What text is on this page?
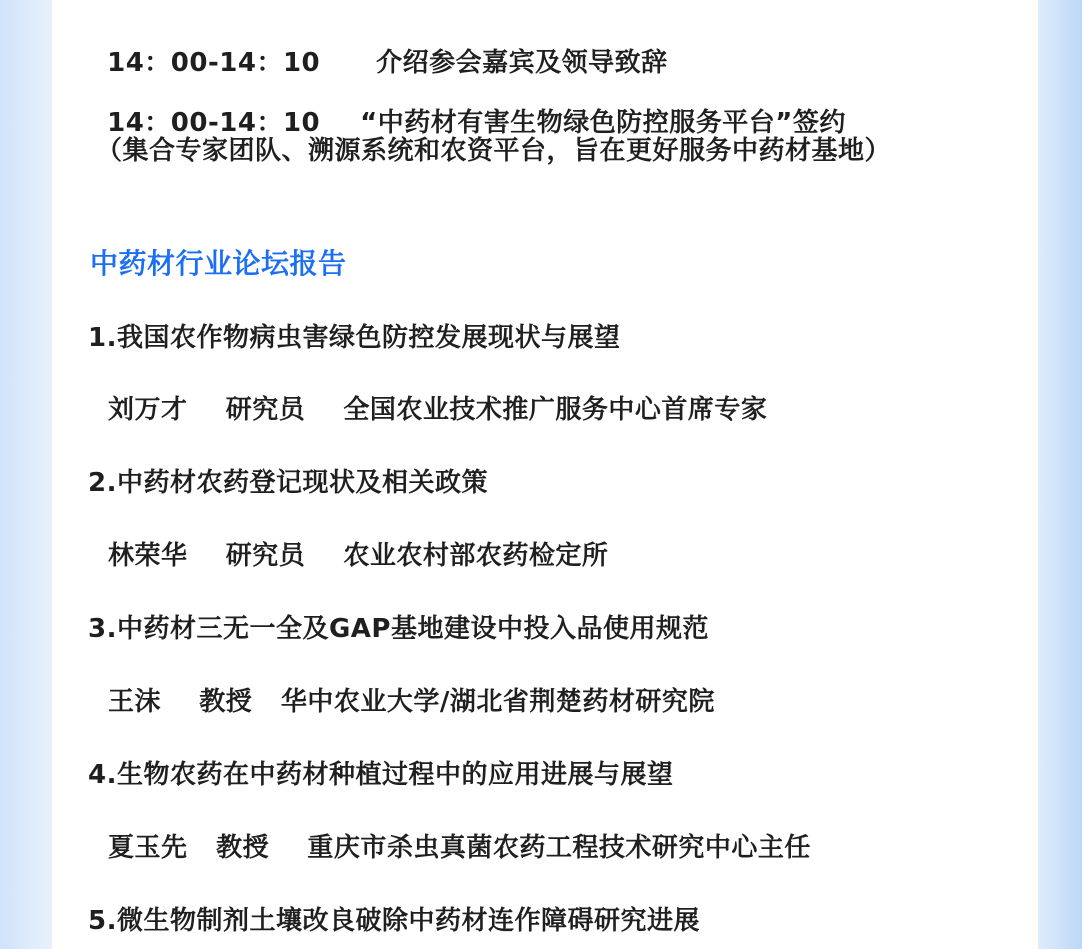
14：00-14：10 介绍参会嘉宾及领导致辞

14：00-14：10 “中药材有害生物绿色防控服务平台”签约

（集合专家团队、溯源系统和农资平台，旨在更好服务中药材基地）
中药材行业论坛报告
1.我国农作物病虫害绿色防控发展现状与展望
刘万才    研究员    全国农业技术推广服务中心首席专家
2.中药材农药登记现状及相关政策
林荣华    研究员    农业农村部农药检定所
3.中药材三无一全及GAP基地建设中投入品使用规范
王沫    教授   华中农业大学/湖北省荆楚药材研究院
4.生物农药在中药材种植过程中的应用进展与展望
夏玉先   教授    重庆市杀虫真菌农药工程技术研究中心主任
5.微生物制剂土壤改良破除中药材连作障碍研究进展
